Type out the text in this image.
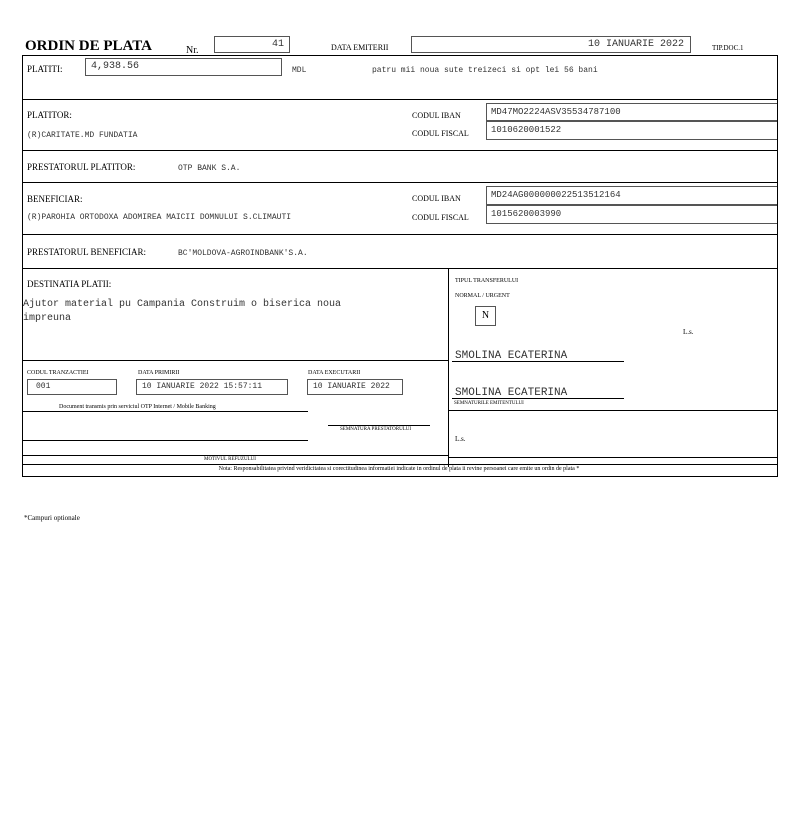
ORDIN DE PLATA	Nr.
41	DATA EMITERII	10 IANUARIE 2022	TIP.DOC.1
PLATITI:	4,938.56	MDL	patru mii noua sute treizeci si opt lei 56 bani
PLATITOR:
(R)CARITATE.MD FUNDATIA
CODUL IBAN	MD47MO2224ASV35534787100
CODUL FISCAL	1010620001522
PRESTATORUL PLATITOR:	OTP BANK S.A.
BENEFICIAR:
(R)PAROHIA ORTODOXA ADOMIREA MAICII DOMNULUI S.CLIMAUTI
CODUL IBAN	MD24AG000000022513512164
CODUL FISCAL	1015620003990
PRESTATORUL BENEFICIAR:	BC'MOLDOVA-AGROINDBANK'S.A.
DESTINATIA PLATII:
Ajutor material pu Campania Construim o biserica noua
impreuna
TIPUL TRANSFERULUI
NORMAL / URGENT
N
L.s.
SMOLINA ECATERINA
SMOLINA ECATERINA
SEMNATURILE EMITENTULUI
L.s.
CODUL TRANZACTIEI
001
DATA PRIMIRII
10 IANUARIE 2022 15:57:11
DATA EXECUTARII
10 IANUARIE 2022
Document transmis prin serviciul OTP Internet / Mobile Banking
SEMNATURA PRESTATORULUI
MOTIVUL REFUZULUI
Nota: Responsabilitatea privind veridicitatea si corectitudinea informatiei indicate in ordinul de plata ii revine persoanei care emite un ordin de plata *
*Campuri optionale
